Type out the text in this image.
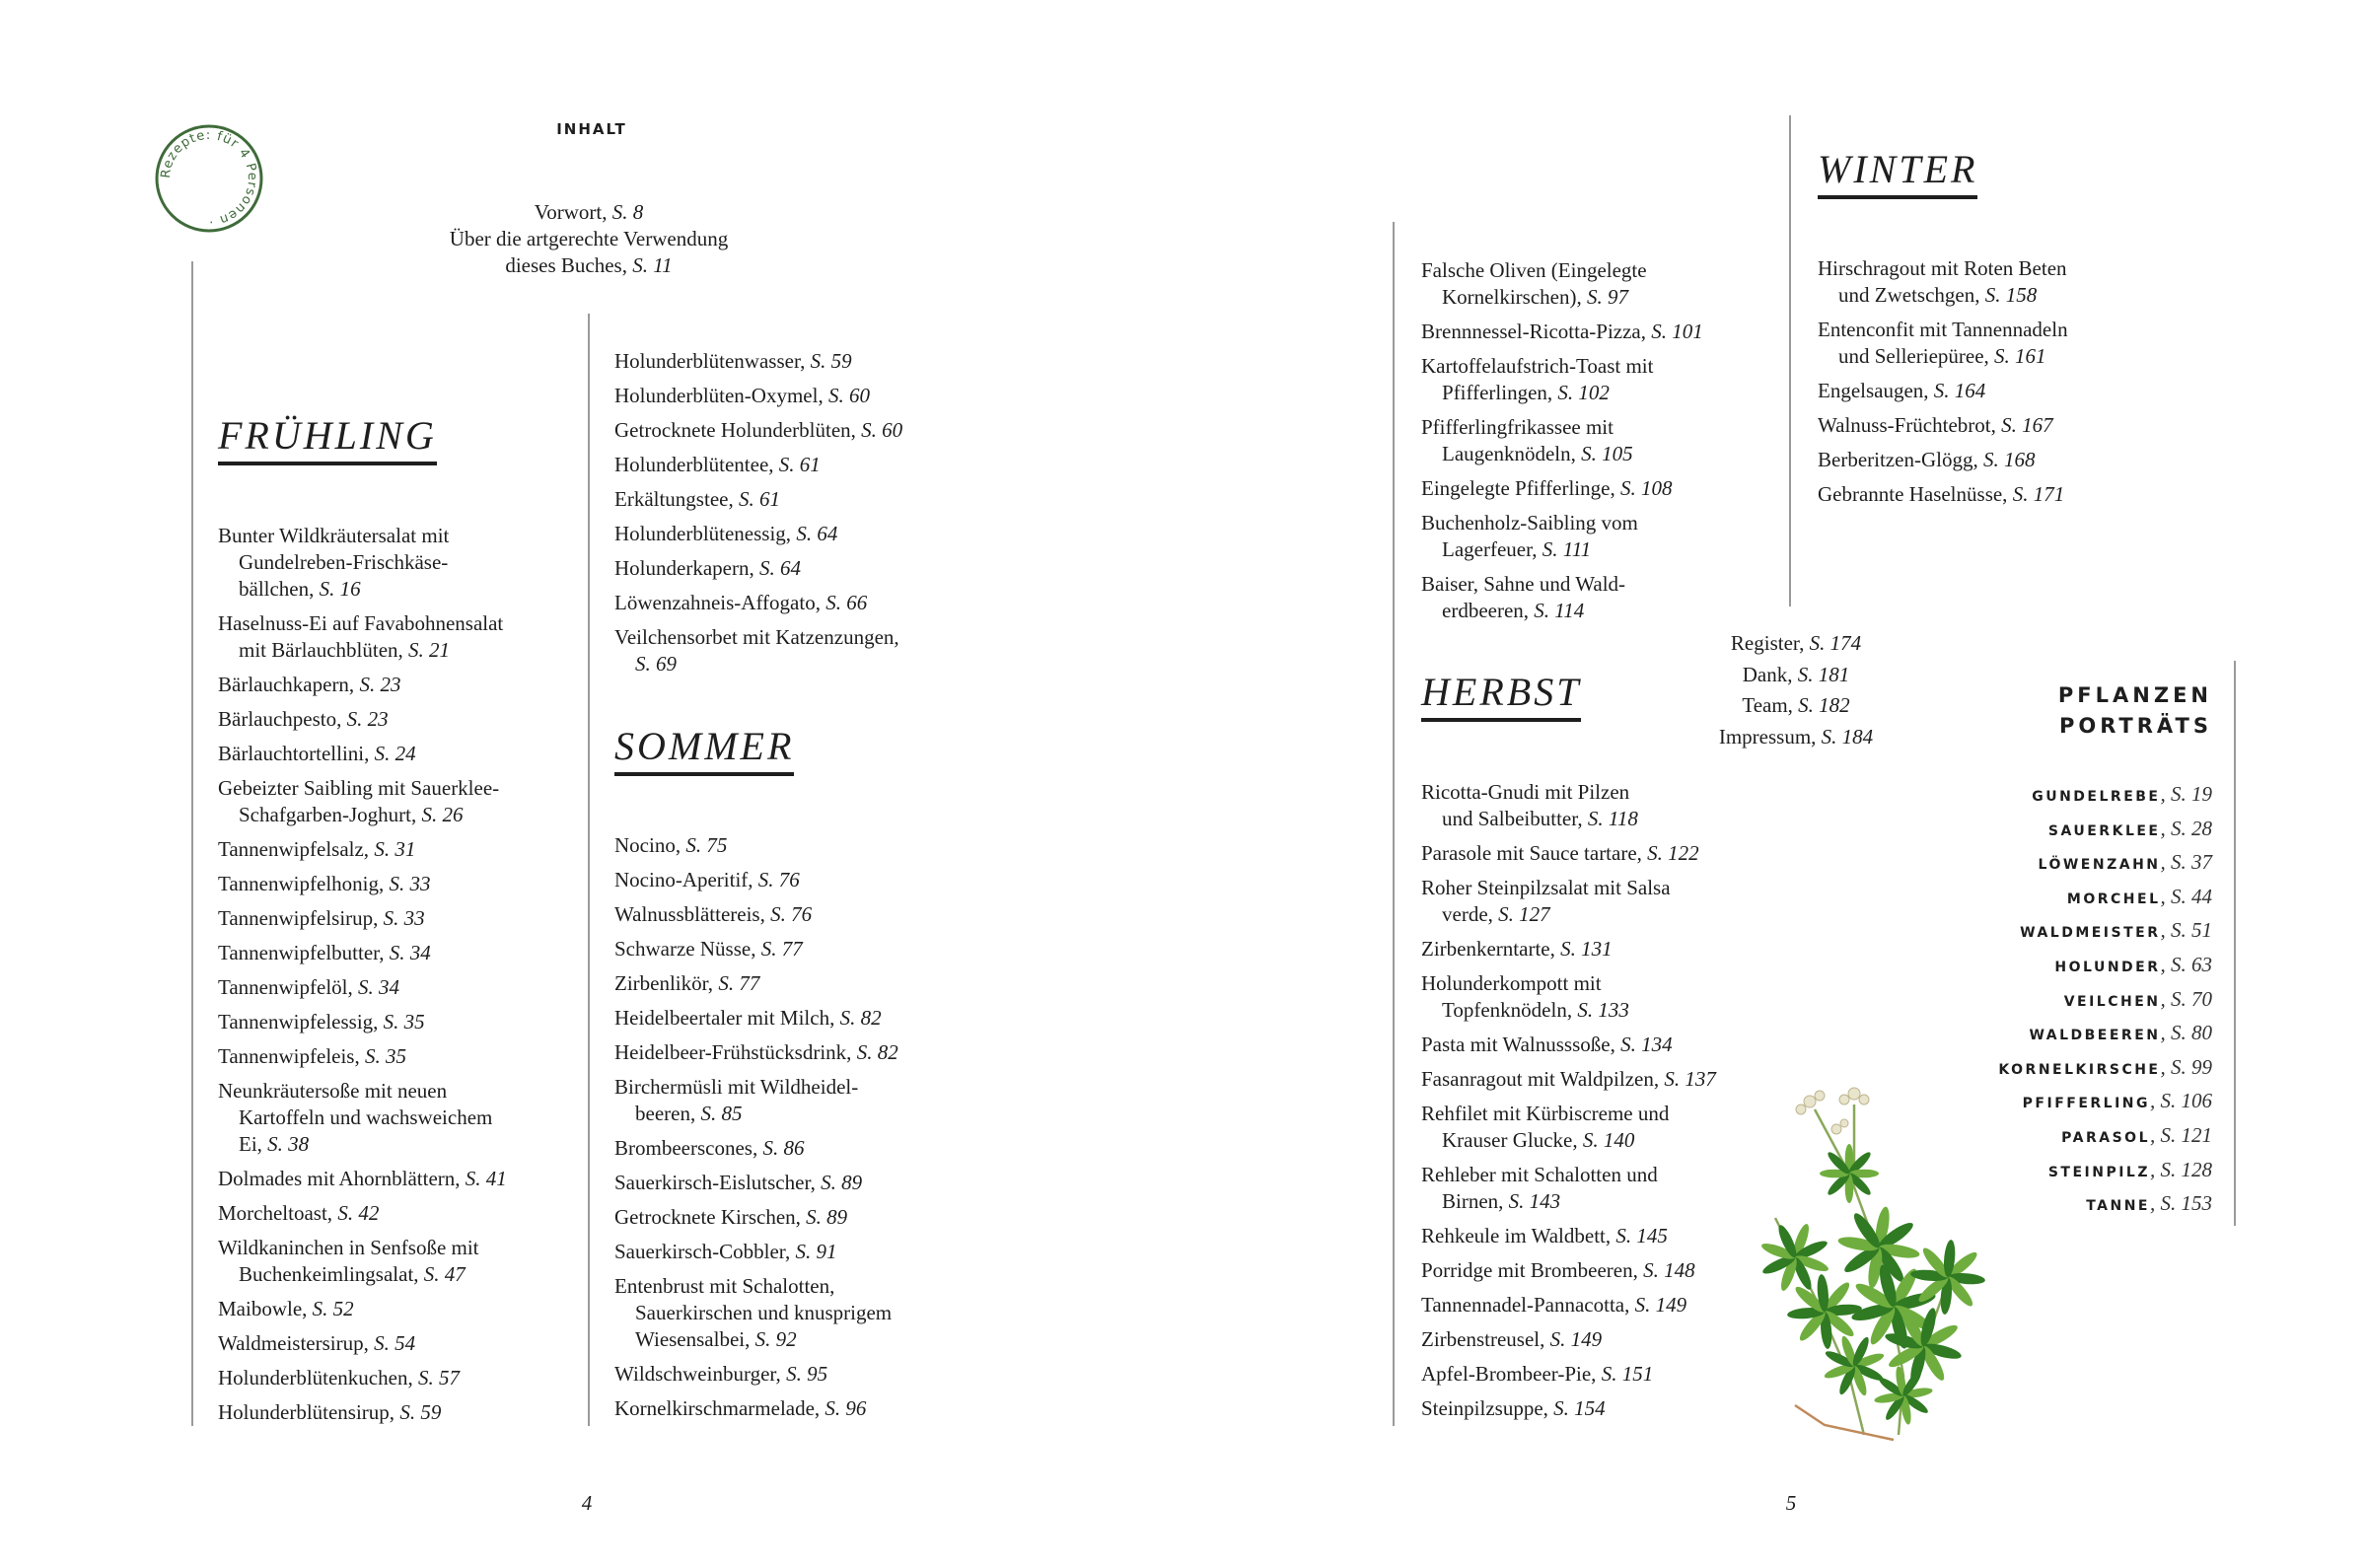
Rezepte: für 4 Personen ·
INHALT
Vorwort, S. 8
Über die artgerechte Verwendung
dieses Buches, S. 11
FRÜHLING
Bunter Wildkräutersalat mit
Gundelreben-Frischkäse-
bällchen, S. 16
Haselnuss-Ei auf Favabohnensalat
mit Bärlauchblüten, S. 21
Bärlauchkapern, S. 23
Bärlauchpesto, S. 23
Bärlauchtortellini, S. 24
Gebeizter Saibling mit Sauerklee-
Schafgarben-Joghurt, S. 26
Tannenwipfelsalz, S. 31
Tannenwipfelhonig, S. 33
Tannenwipfelsirup, S. 33
Tannenwipfelbutter, S. 34
Tannenwipfelöl, S. 34
Tannenwipfelessig, S. 35
Tannenwipfeleis, S. 35
Neunkräutersoße mit neuen
Kartoffeln und wachsweichem
Ei, S. 38
Dolmades mit Ahornblättern, S. 41
Morcheltoast, S. 42
Wildkaninchen in Senfsoße mit
Buchenkeimlingsalat, S. 47
Maibowle, S. 52
Waldmeistersirup, S. 54
Holunderblütenkuchen, S. 57
Holunderblütensirup, S. 59
Holunderblütenwasser, S. 59
Holunderblüten-Oxymel, S. 60
Getrocknete Holunderblüten, S. 60
Holunderblütentee, S. 61
Erkältungstee, S. 61
Holunderblütenessig, S. 64
Holunderkapern, S. 64
Löwenzahneis-Affogato, S. 66
Veilchensorbet mit Katzenzungen,
S. 69
SOMMER
Nocino, S. 75
Nocino-Aperitif, S. 76
Walnussblättereis, S. 76
Schwarze Nüsse, S. 77
Zirbenlikör, S. 77
Heidelbeertaler mit Milch, S. 82
Heidelbeer-Frühstücksdrink, S. 82
Birchermüsli mit Wildheidel-
beeren, S. 85
Brombeerscones, S. 86
Sauerkirsch-Eislutscher, S. 89
Getrocknete Kirschen, S. 89
Sauerkirsch-Cobbler, S. 91
Entenbrust mit Schalotten,
Sauerkirschen und knusprigem
Wiesensalbei, S. 92
Wildschweinburger, S. 95
Kornelkirschmarmelade, S. 96
4
Falsche Oliven (Eingelegte
Kornelkirschen), S. 97
Brennnessel-Ricotta-Pizza, S. 101
Kartoffelaufstrich-Toast mit
Pfifferlingen, S. 102
Pfifferlingfrikassee mit
Laugenknödeln, S. 105
Eingelegte Pfifferlinge, S. 108
Buchenholz-Saibling vom
Lagerfeuer, S. 111
Baiser, Sahne und Wald-
erdbeeren, S. 114
HERBST
Ricotta-Gnudi mit Pilzen
und Salbeibutter, S. 118
Parasole mit Sauce tartare, S. 122
Roher Steinpilzsalat mit Salsa
verde, S. 127
Zirbenkerntarte, S. 131
Holunderkompott mit
Topfenknödeln, S. 133
Pasta mit Walnusssoße, S. 134
Fasanragout mit Waldpilzen, S. 137
Rehfilet mit Kürbiscreme und
Krauser Glucke, S. 140
Rehleber mit Schalotten und
Birnen, S. 143
Rehkeule im Waldbett, S. 145
Porridge mit Brombeeren, S. 148
Tannennadel-Pannacotta, S. 149
Zirbenstreusel, S. 149
Apfel-Brombeer-Pie, S. 151
Steinpilzsuppe, S. 154
WINTER
Hirschragout mit Roten Beten
und Zwetschgen, S. 158
Entenconfit mit Tannennadeln
und Selleriepüree, S. 161
Engelsaugen, S. 164
Walnuss-Früchtebrot, S. 167
Berberitzen-Glögg, S. 168
Gebrannte Haselnüsse, S. 171
Register, S. 174
Dank, S. 181
Team, S. 182
Impressum, S. 184
PFLANZEN
PORTRÄTS
GUNDELREBE, S. 19
SAUERKLEE, S. 28
LÖWENZAHN, S. 37
MORCHEL, S. 44
WALDMEISTER, S. 51
HOLUNDER, S. 63
VEILCHEN, S. 70
WALDBEEREN, S. 80
KORNELKIRSCHE, S. 99
PFIFFERLING, S. 106
PARASOL, S. 121
STEINPILZ, S. 128
TANNE, S. 153
5
